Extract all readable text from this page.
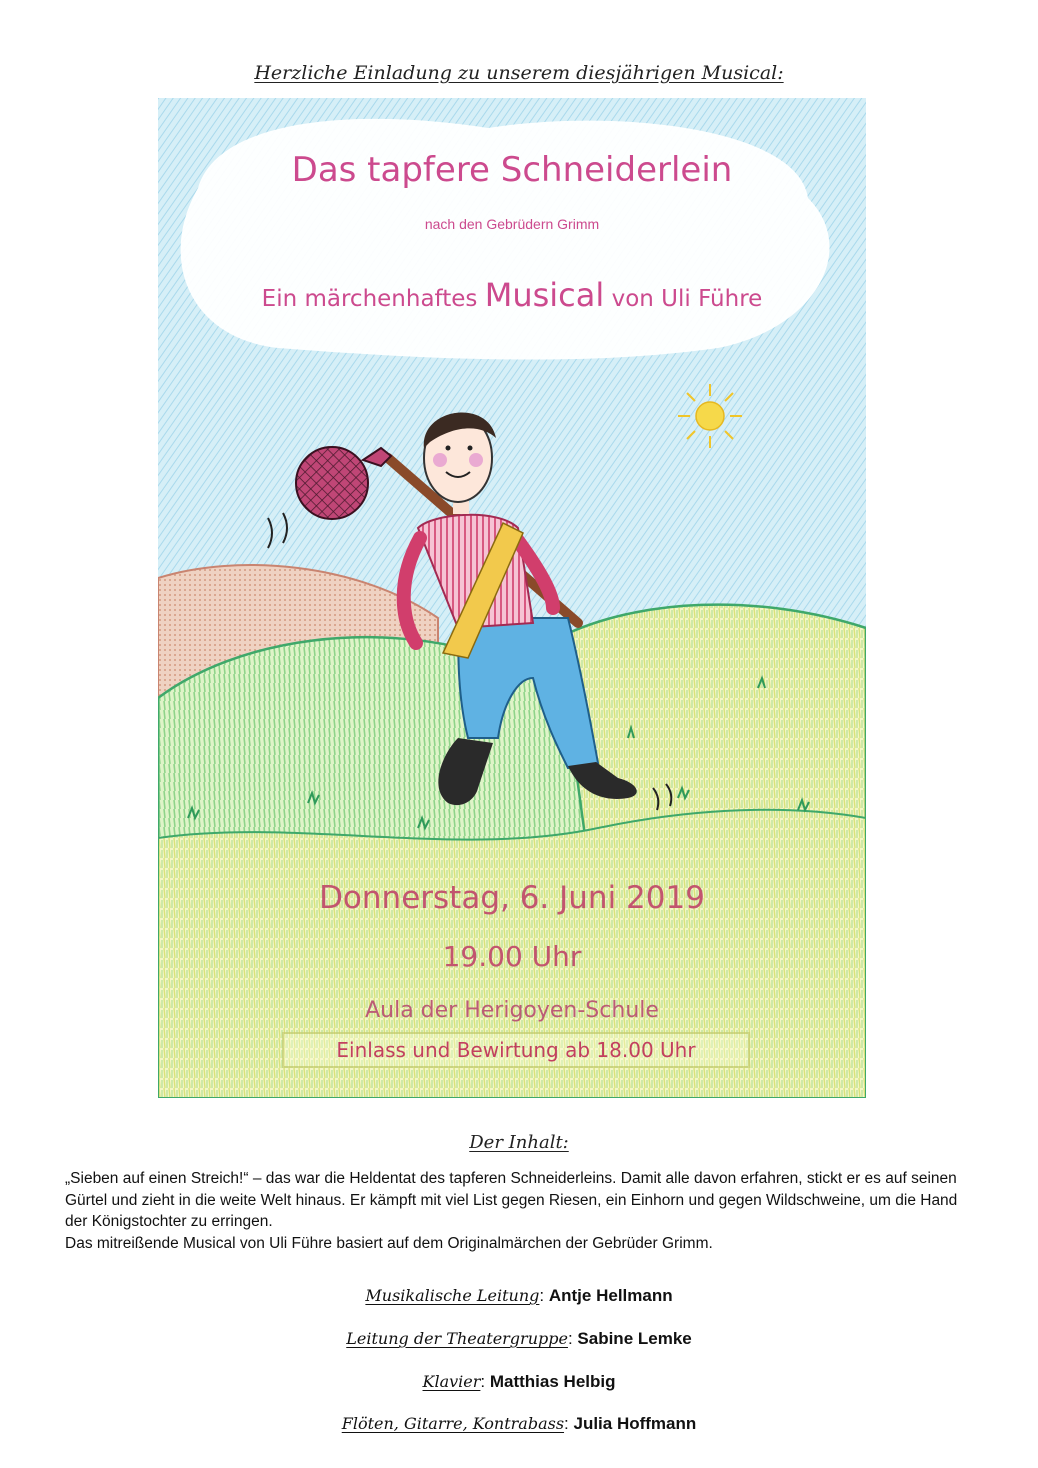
Herzliche Einladung zu unserem diesjährigen Musical:
Das tapfere Schneiderlein
nach den Gebrüdern Grimm
Ein märchenhaftes Musical von Uli Führe
Donnerstag, 6. Juni 2019
19.00 Uhr
Aula der Herigoyen-Schule
Einlass und Bewirtung ab 18.00 Uhr
Der Inhalt:

„Sieben auf einen Streich!“ – das war die Heldentat des tapferen Schneiderleins. Damit alle davon erfahren, stickt er es auf seinen Gürtel und zieht in die weite Welt hinaus. Er kämpft mit viel List gegen Riesen, ein Einhorn und gegen Wildschweine, um die Hand der Königstochter zu erringen.

Das mitreißende Musical von Uli Führe basiert auf dem Originalmärchen der Gebrüder Grimm.

Musikalische Leitung: Antje Hellmann
Leitung der Theatergruppe: Sabine Lemke
Klavier: Matthias Helbig
Flöten, Gitarre, Kontrabass: Julia Hoffmann
